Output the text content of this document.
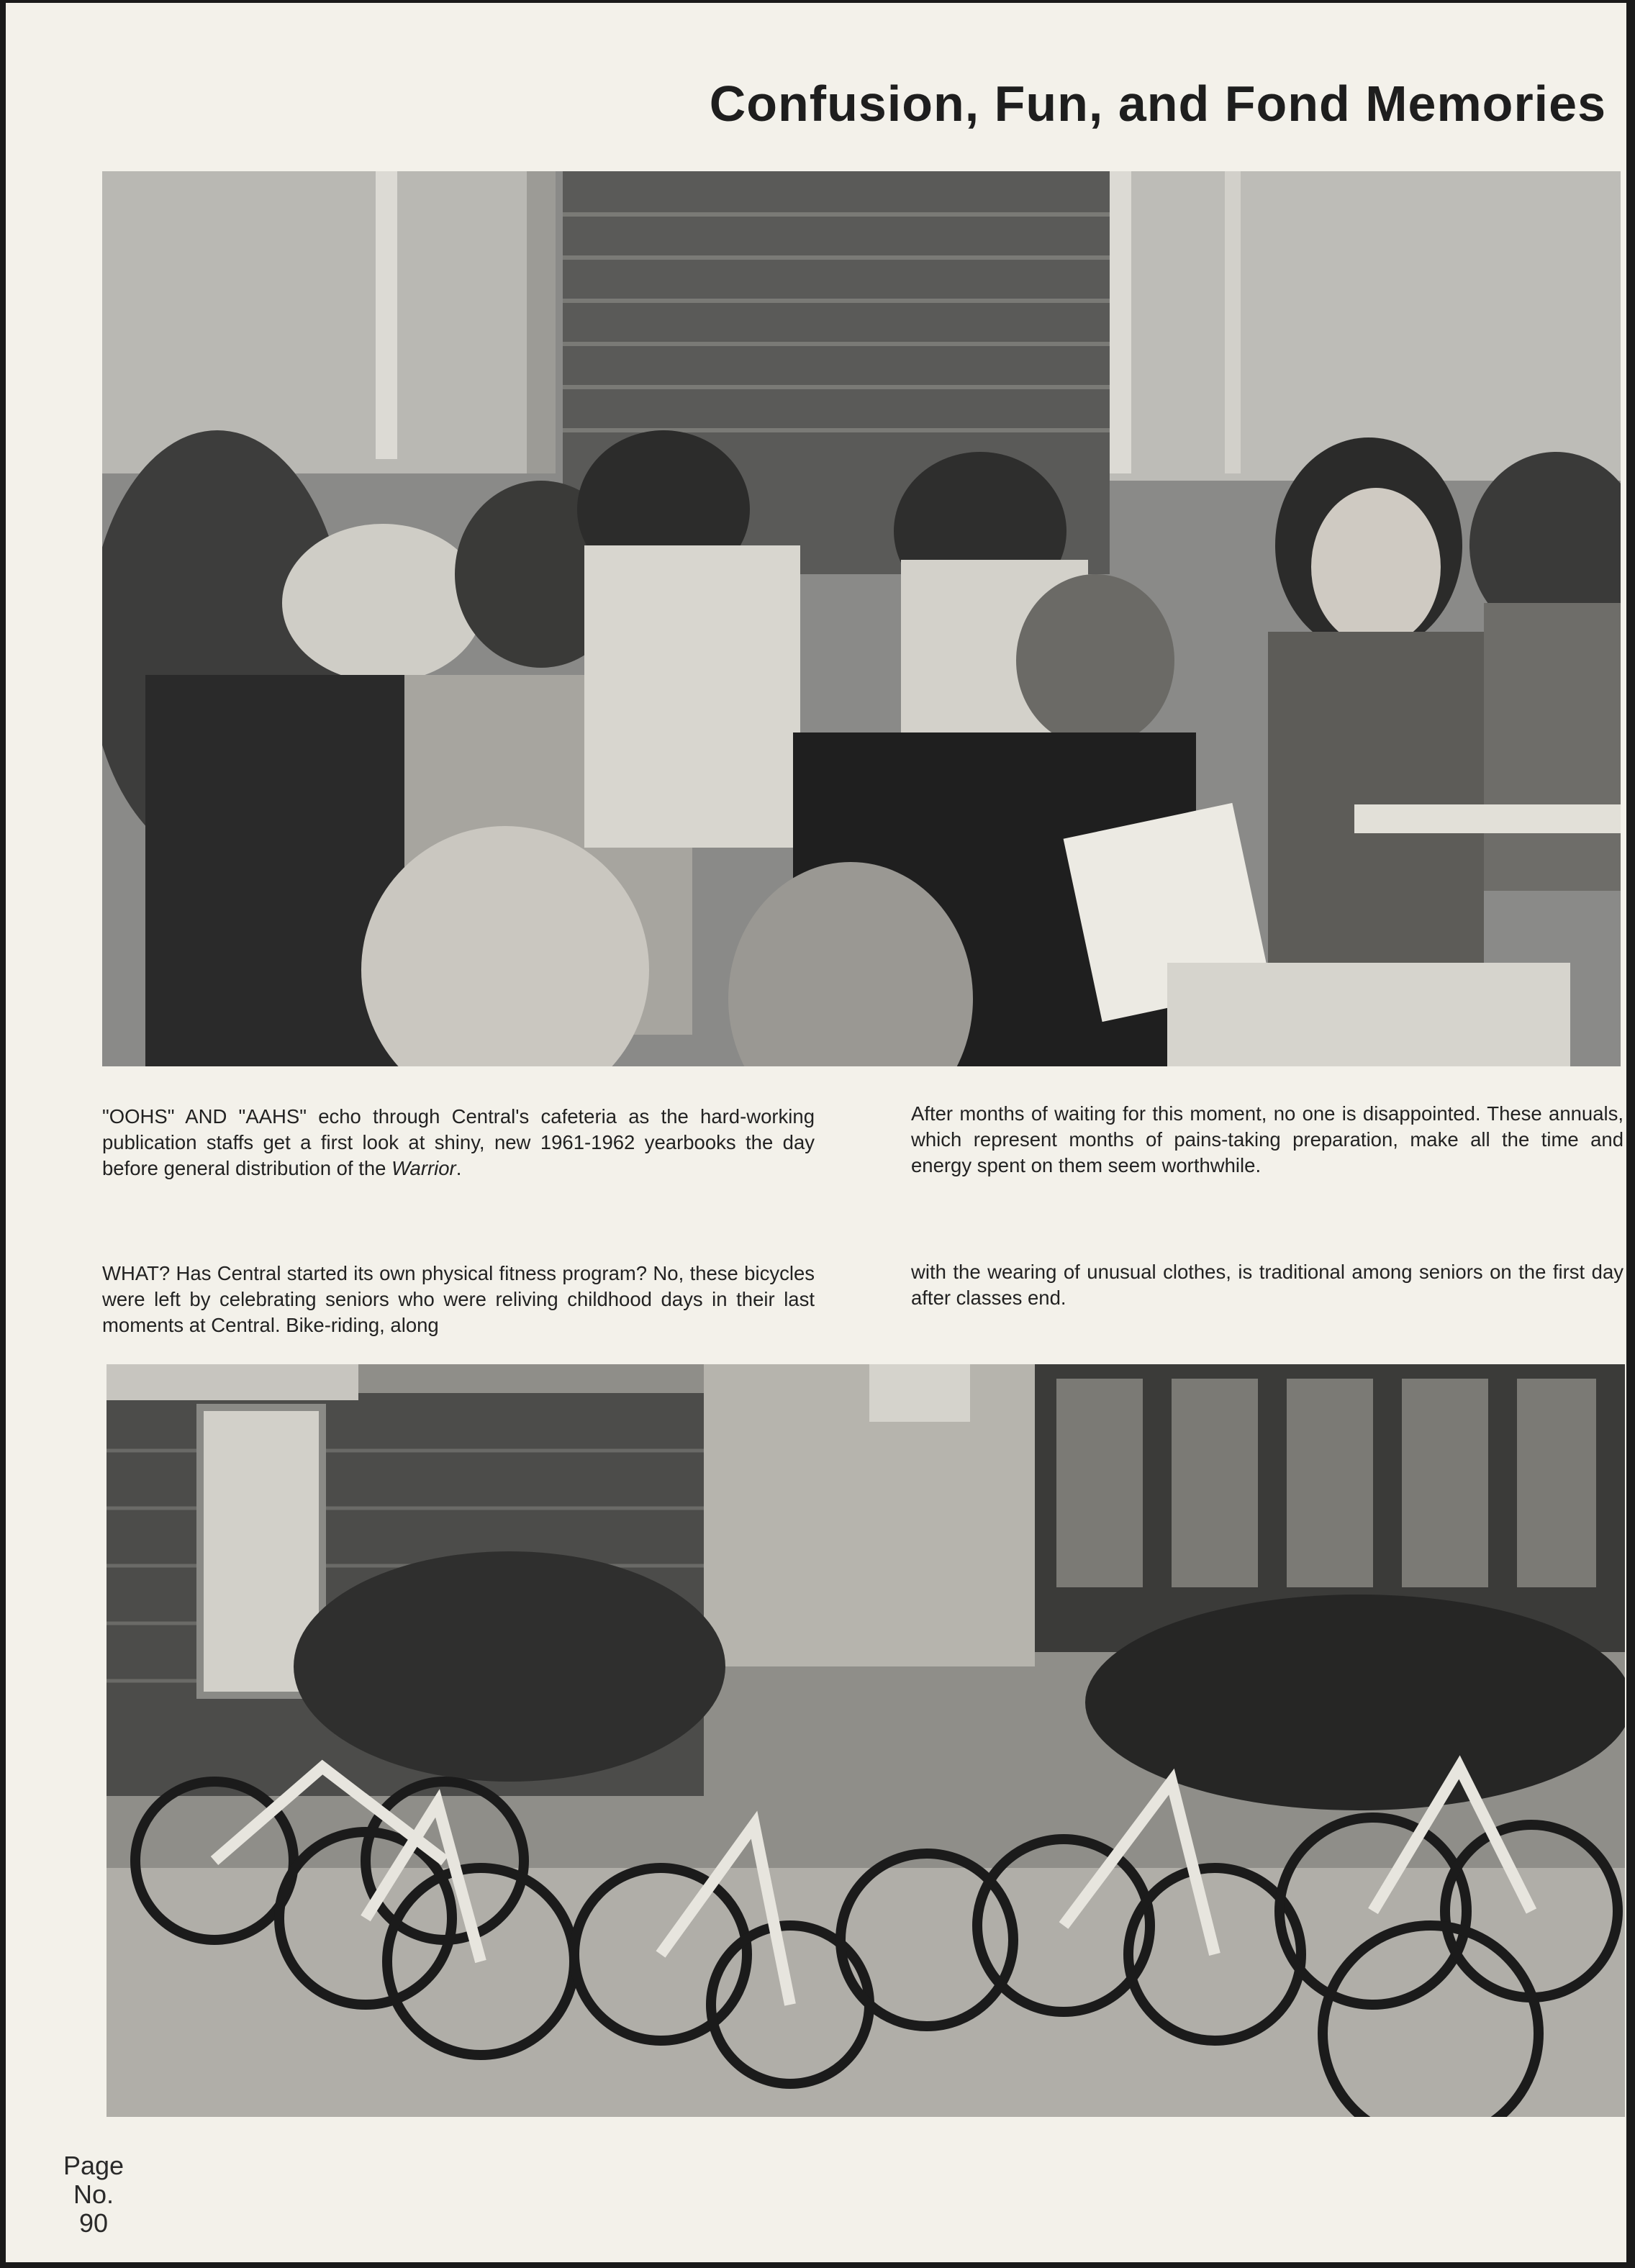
Confusion, Fun, and Fond Memories
"OOHS" AND "AAHS" echo through Central's cafeteria as the hard-working publication staffs get a first look at shiny, new 1961-1962 yearbooks the day before general distribution of the Warrior.
After months of waiting for this moment, no one is disappointed. These annuals, which represent months of pains-taking preparation, make all the time and energy spent on them seem worthwhile.
WHAT? Has Central started its own physical fitness program? No, these bicycles were left by celebrating seniors who were reliving childhood days in their last moments at Central. Bike-riding, along
with the wearing of unusual clothes, is traditional among seniors on the first day after classes end.
Page
No.
90
